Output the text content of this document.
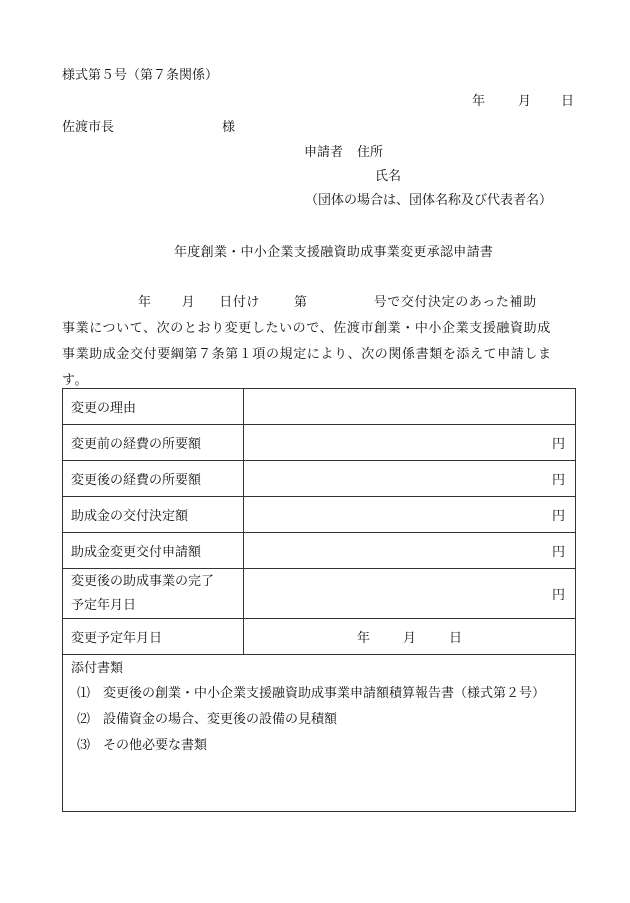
様式第５号（第７条関係）
年	月 日
佐渡市長	様
申請者 住所
氏名
（団体の場合は、団体名称及び代表者名）
年度創業・中小企業支援融資助成事業変更承認申請書
年 月 日付け	第	号で交付決定のあった補助
事業について、次のとおり変更したいので、佐渡市創業・中小企業支援融資助成
事業助成金交付要綱第７条第１項の規定により、次の関係書類を添えて申請しま
す。
変更の理由	
変更前の経費の所要額	円
変更後の経費の所要額	円
助成金の交付決定額	円
助成金変更交付申請額	円

変更後の助成事業の完了
予定年月日	円
変更予定年月日	年 月 日

添付書類
⑴ 変更後の創業・中小企業支援融資助成事業申請額積算報告書（様式第２号）
⑵ 設備資金の場合、変更後の設備の見積額
⑶ その他必要な書類	
